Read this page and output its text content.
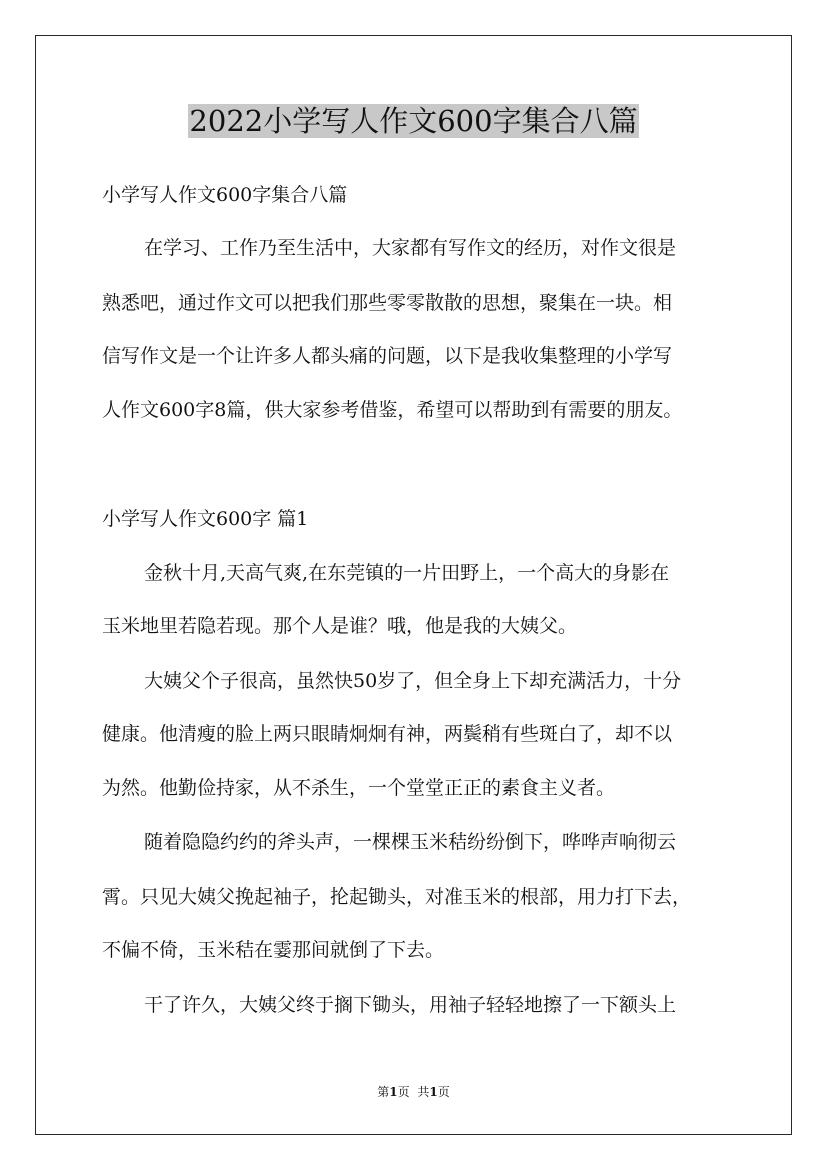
2022小学写人作文600字集合八篇
小学写人作文600字集合八篇
在学习、工作乃至生活中，大家都有写作文的经历，对作文很是
熟悉吧，通过作文可以把我们那些零零散散的思想，聚集在一块。相
信写作文是一个让许多人都头痛的问题，以下是我收集整理的小学写
人作文600字8篇，供大家参考借鉴，希望可以帮助到有需要的朋友。
小学写人作文600字 篇1
金秋十月,天高气爽,在东莞镇的一片田野上，一个高大的身影在
玉米地里若隐若现。那个人是谁？哦，他是我的大姨父。
大姨父个子很高，虽然快50岁了，但全身上下却充满活力，十分
健康。他清瘦的脸上两只眼睛炯炯有神，两鬓稍有些斑白了，却不以
为然。他勤俭持家，从不杀生，一个堂堂正正的素食主义者。
随着隐隐约约的斧头声，一棵棵玉米秸纷纷倒下，哗哗声响彻云
霄。只见大姨父挽起袖子，抡起锄头，对准玉米的根部，用力打下去，
不偏不倚，玉米秸在霎那间就倒了下去。
干了许久，大姨父终于搁下锄头，用袖子轻轻地擦了一下额头上
第1页 共1页
